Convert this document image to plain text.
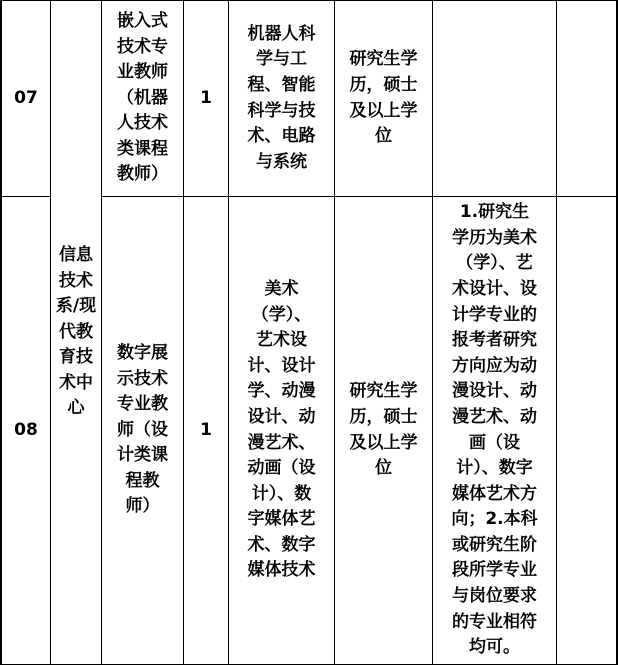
07
嵌入式
技术专
业教师
（机器
人技术
类课程
教师）
1
机器人科
学与工
程、智能
科学与技
术、电路
与系统
研究生学
历，硕士
及以上学
位
信息
技术
系/现
代教
育技
术中
心
08
数字展
示技术
专业教
师（设
计类课
程教
师）
1
美术
（学）、
艺术设
计、设计
学、动漫
设计、动
漫艺术、
动画（设
计）、数
字媒体艺
术、数字
媒体技术
研究生学
历，硕士
及以上学
位
1.研究生
学历为美术
（学）、艺
术设计、设
计学专业的
报考者研究
方向应为动
漫设计、动
漫艺术、动
画（设
计）、数字
媒体艺术方
向；2.本科
或研究生阶
段所学专业
与岗位要求
的专业相符
均可。
